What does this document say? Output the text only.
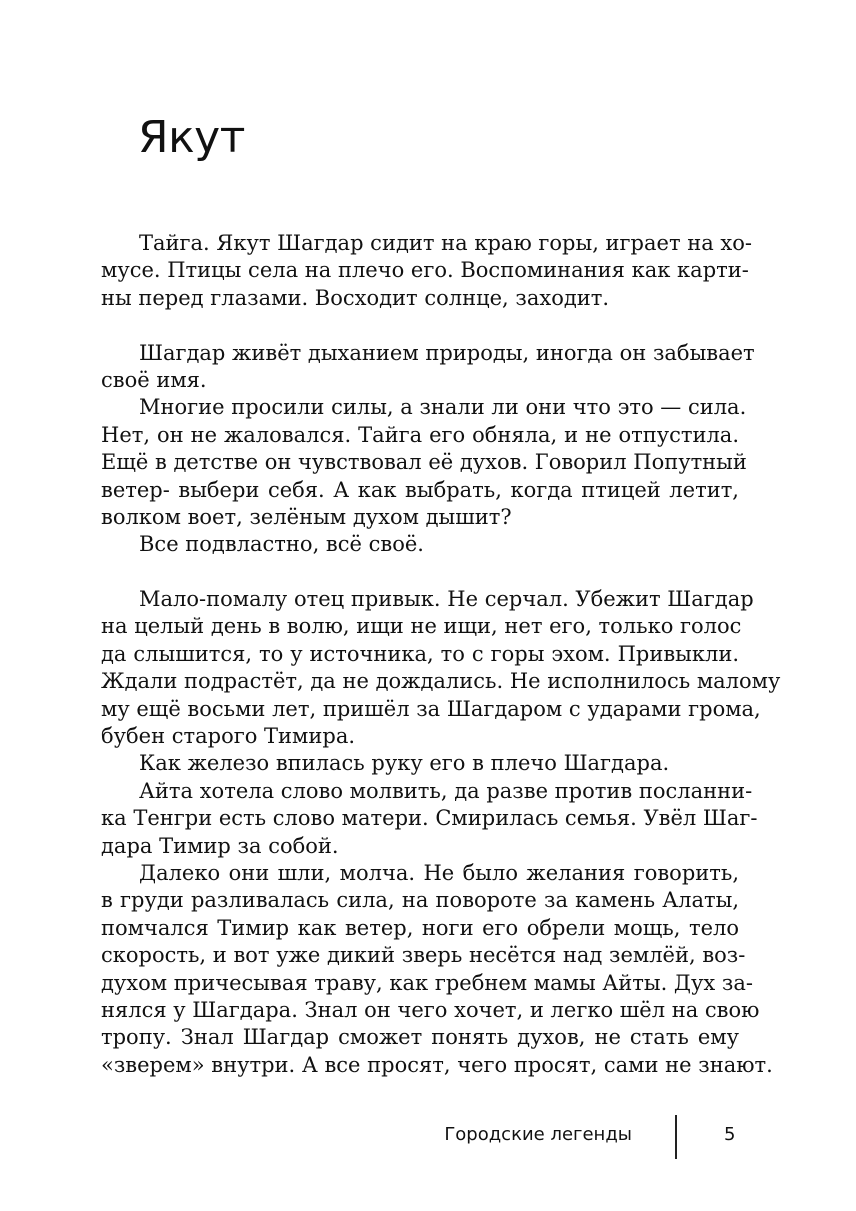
Якут
Тайга. Якут Шагдар сидит на краю горы, играет на хо-
мусе. Птицы села на плечо его. Воспоминания как карти-
ны перед глазами. Восходит солнце, заходит.
Шагдар живёт дыханием природы, иногда он забывает
своё имя.
Многие просили силы, а знали ли они что это — сила.
Нет, он не жаловался. Тайга его обняла, и не отпустила.
Ещё в детстве он чувствовал её духов. Говорил Попутный
ветер- выбери себя. А как выбрать, когда птицей летит,
волком воет, зелёным духом дышит?
Все подвластно, всё своё.
Мало-помалу отец привык. Не серчал. Убежит Шагдар
на целый день в волю, ищи не ищи, нет его, только голос
да слышится, то у источника, то с горы эхом. Привыкли.
Ждали подрастёт, да не дождались. Не исполнилось малому
му ещё восьми лет, пришёл за Шагдаром с ударами грома,
бубен старого Тимира.
Как железо впилась руку его в плечо Шагдара.
Айта хотела слово молвить, да разве против посланни-
ка Тенгри есть слово матери. Смирилась семья. Увёл Шаг-
дара Тимир за собой.
Далеко они шли, молча. Не было желания говорить,
в груди разливалась сила, на повороте за камень Алаты,
помчался Тимир как ветер, ноги его обрели мощь, тело
скорость, и вот уже дикий зверь несётся над землёй, воз-
духом причесывая траву, как гребнем мамы Айты. Дух за-
нялся у Шагдара. Знал он чего хочет, и легко шёл на свою
тропу. Знал Шагдар сможет понять духов, не стать ему
«зверем» внутри. А все просят, чего просят, сами не знают.
Городские легенды	5
